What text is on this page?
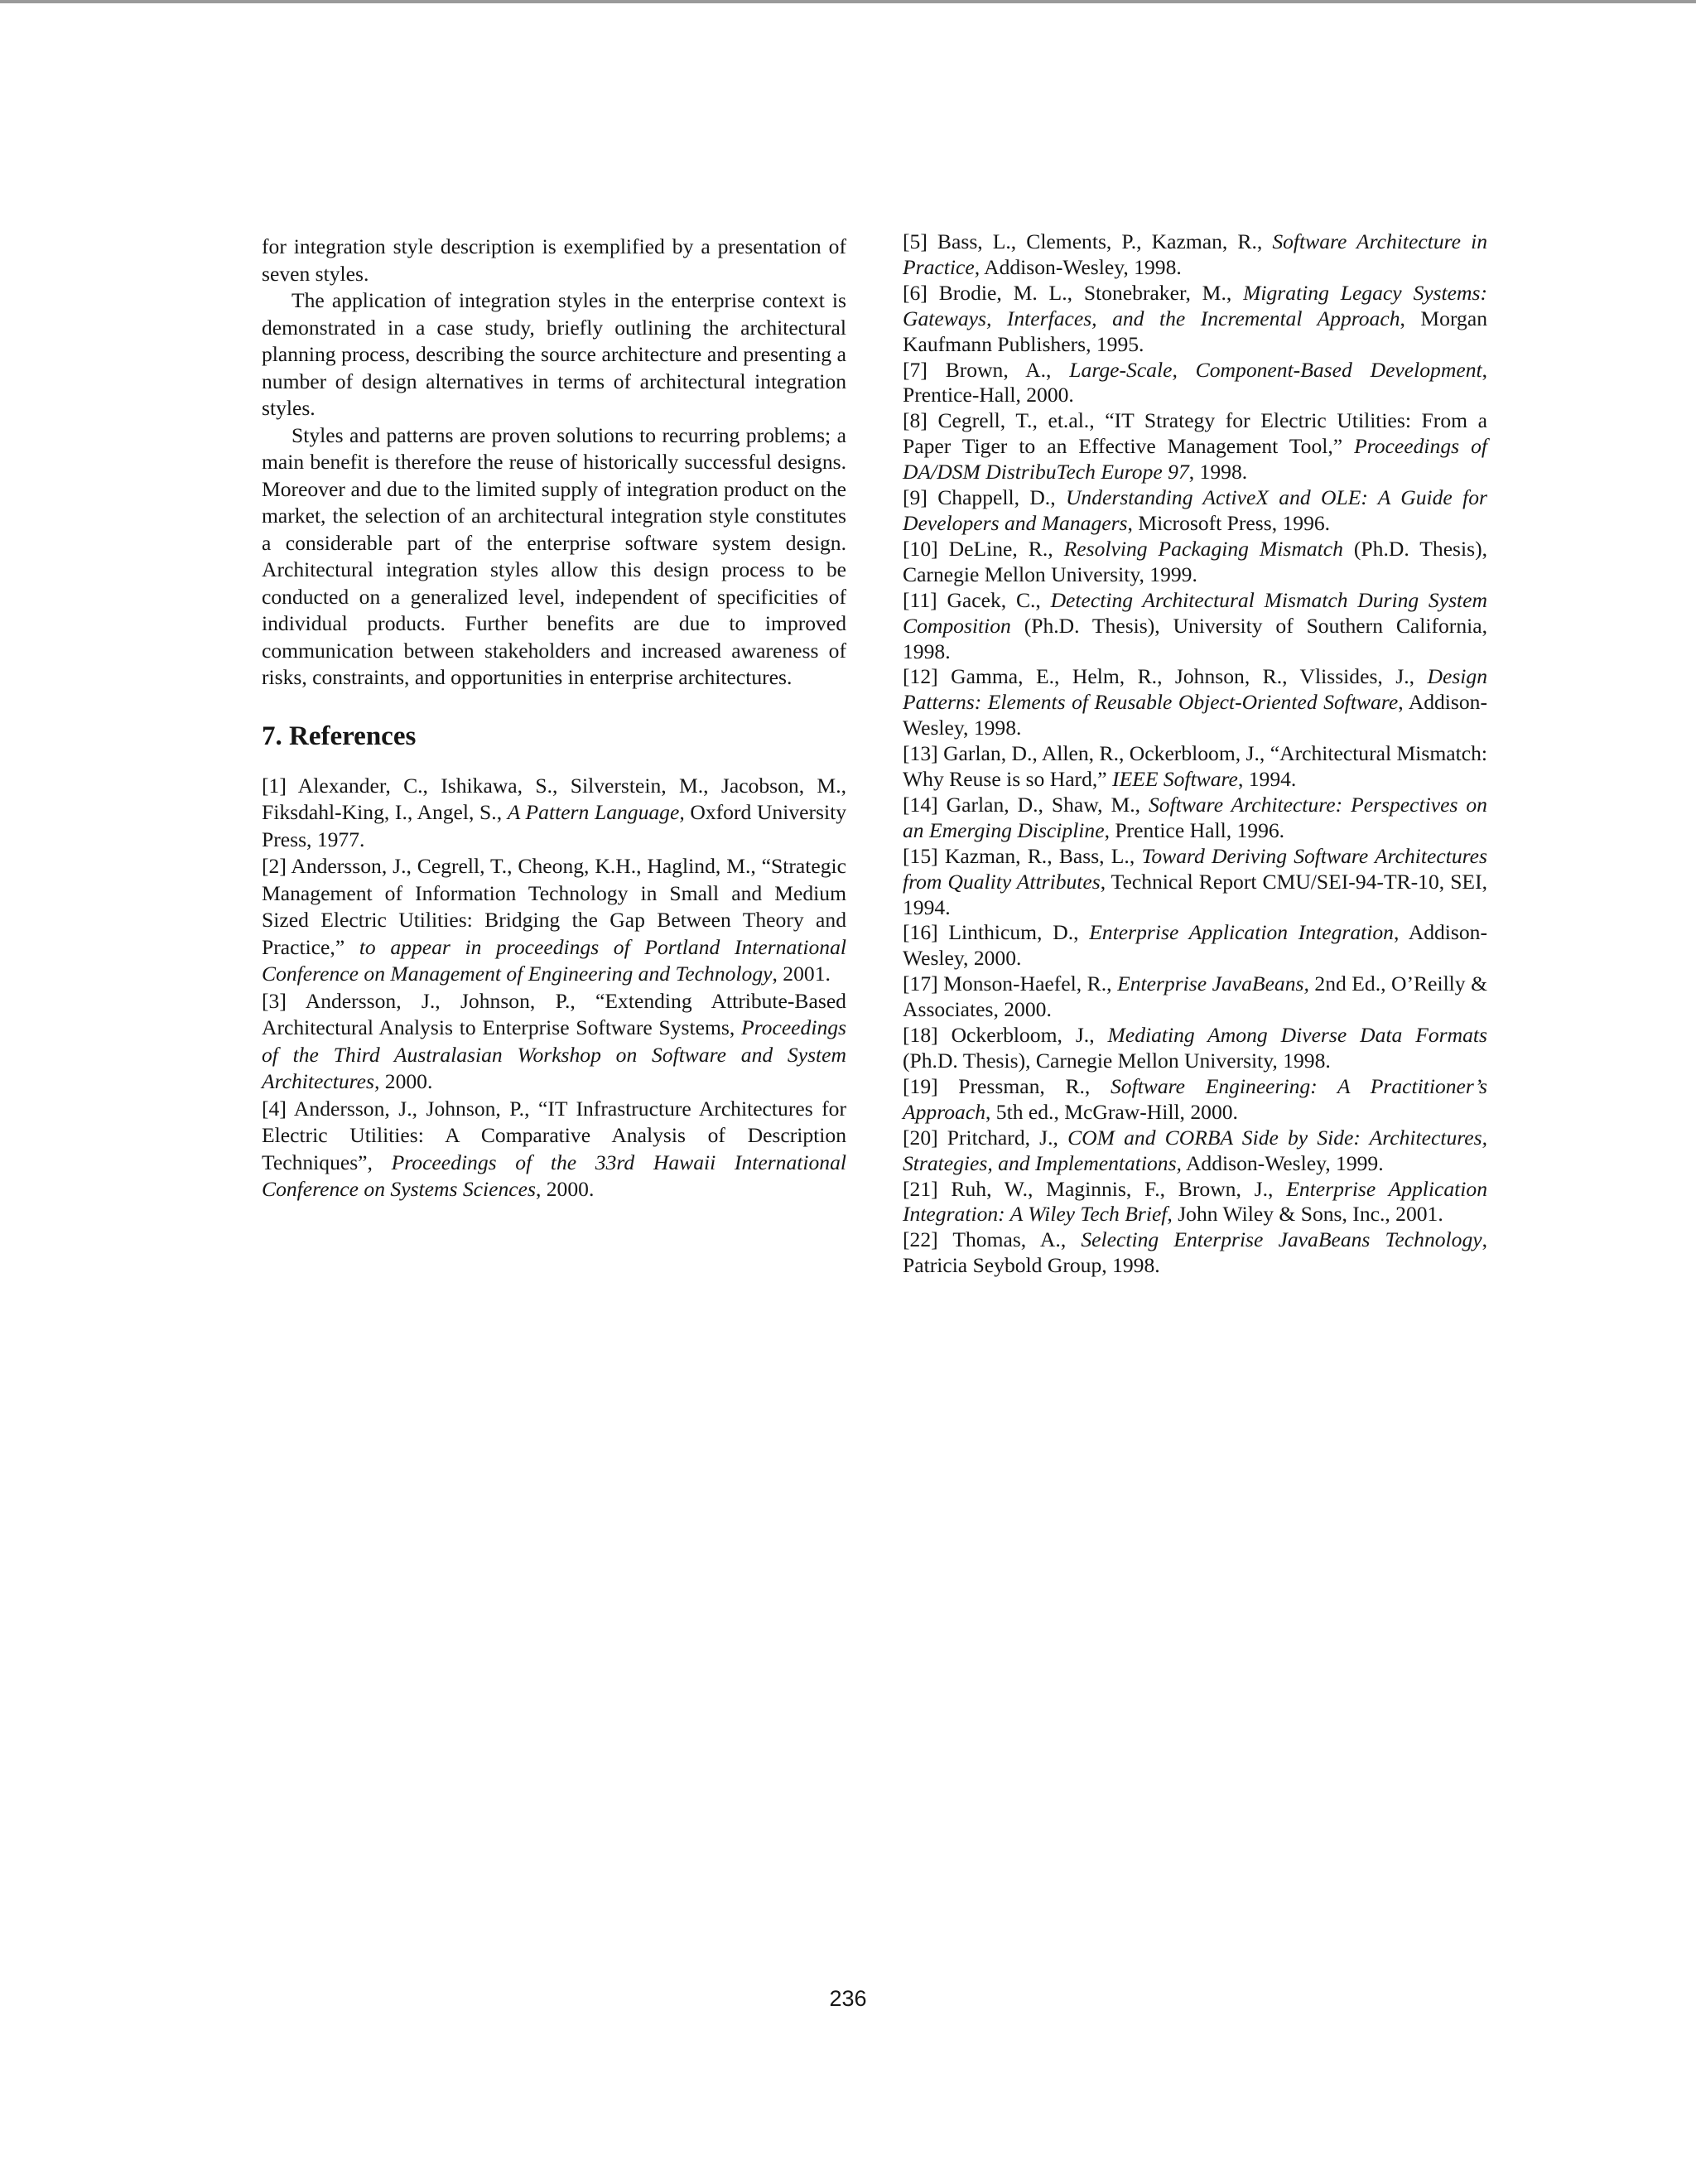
for integration style description is exemplified by a presentation of seven styles.

The application of integration styles in the enterprise context is demonstrated in a case study, briefly outlining the architectural planning process, describing the source architecture and presenting a number of design alternatives in terms of architectural integration styles.

Styles and patterns are proven solutions to recurring problems; a main benefit is therefore the reuse of historically successful designs. Moreover and due to the limited supply of integration product on the market, the selection of an architectural integration style constitutes a considerable part of the enterprise software system design. Architectural integration styles allow this design process to be conducted on a generalized level, independent of specificities of individual products. Further benefits are due to improved communication between stakeholders and increased awareness of risks, constraints, and opportunities in enterprise architectures.

7. References

[1] Alexander, C., Ishikawa, S., Silverstein, M., Jacobson, M., Fiksdahl-King, I., Angel, S., A Pattern Language, Oxford University Press, 1977.

[2] Andersson, J., Cegrell, T., Cheong, K.H., Haglind, M., “Strategic Management of Information Technology in Small and Medium Sized Electric Utilities: Bridging the Gap Between Theory and Practice,” to appear in proceedings of Portland International Conference on Management of Engineering and Technology, 2001.

[3] Andersson, J., Johnson, P., “Extending Attribute-Based Architectural Analysis to Enterprise Software Systems, Proceedings of the Third Australasian Workshop on Software and System Architectures, 2000.

[4] Andersson, J., Johnson, P., “IT Infrastructure Architectures for Electric Utilities: A Comparative Analysis of Description Techniques”, Proceedings of the 33rd Hawaii International Conference on Systems Sciences, 2000.

[5] Bass, L., Clements, P., Kazman, R., Software Architecture in Practice, Addison-Wesley, 1998.

[6] Brodie, M. L., Stonebraker, M., Migrating Legacy Systems: Gateways, Interfaces, and the Incremental Approach, Morgan Kaufmann Publishers, 1995.

[7] Brown, A., Large-Scale, Component-Based Development, Prentice-Hall, 2000.

[8] Cegrell, T., et.al., “IT Strategy for Electric Utilities: From a Paper Tiger to an Effective Management Tool,” Proceedings of DA/DSM DistribuTech Europe 97, 1998.

[9] Chappell, D., Understanding ActiveX and OLE: A Guide for Developers and Managers, Microsoft Press, 1996.

[10] DeLine, R., Resolving Packaging Mismatch (Ph.D. Thesis), Carnegie Mellon University, 1999.

[11] Gacek, C., Detecting Architectural Mismatch During System Composition (Ph.D. Thesis), University of Southern California, 1998.

[12] Gamma, E., Helm, R., Johnson, R., Vlissides, J., Design Patterns: Elements of Reusable Object-Oriented Software, Addison-Wesley, 1998.

[13] Garlan, D., Allen, R., Ockerbloom, J., “Architectural Mismatch: Why Reuse is so Hard,” IEEE Software, 1994.

[14] Garlan, D., Shaw, M., Software Architecture: Perspectives on an Emerging Discipline, Prentice Hall, 1996.

[15] Kazman, R., Bass, L., Toward Deriving Software Architectures from Quality Attributes, Technical Report CMU/SEI-94-TR-10, SEI, 1994.

[16] Linthicum, D., Enterprise Application Integration, Addison-Wesley, 2000.

[17] Monson-Haefel, R., Enterprise JavaBeans, 2nd Ed., O’Reilly & Associates, 2000.

[18] Ockerbloom, J., Mediating Among Diverse Data Formats (Ph.D. Thesis), Carnegie Mellon University, 1998.

[19] Pressman, R., Software Engineering: A Practitioner’s Approach, 5th ed., McGraw-Hill, 2000.

[20] Pritchard, J., COM and CORBA Side by Side: Architectures, Strategies, and Implementations, Addison-Wesley, 1999.

[21] Ruh, W., Maginnis, F., Brown, J., Enterprise Application Integration: A Wiley Tech Brief, John Wiley & Sons, Inc., 2001.

[22] Thomas, A., Selecting Enterprise JavaBeans Technology, Patricia Seybold Group, 1998.

236
